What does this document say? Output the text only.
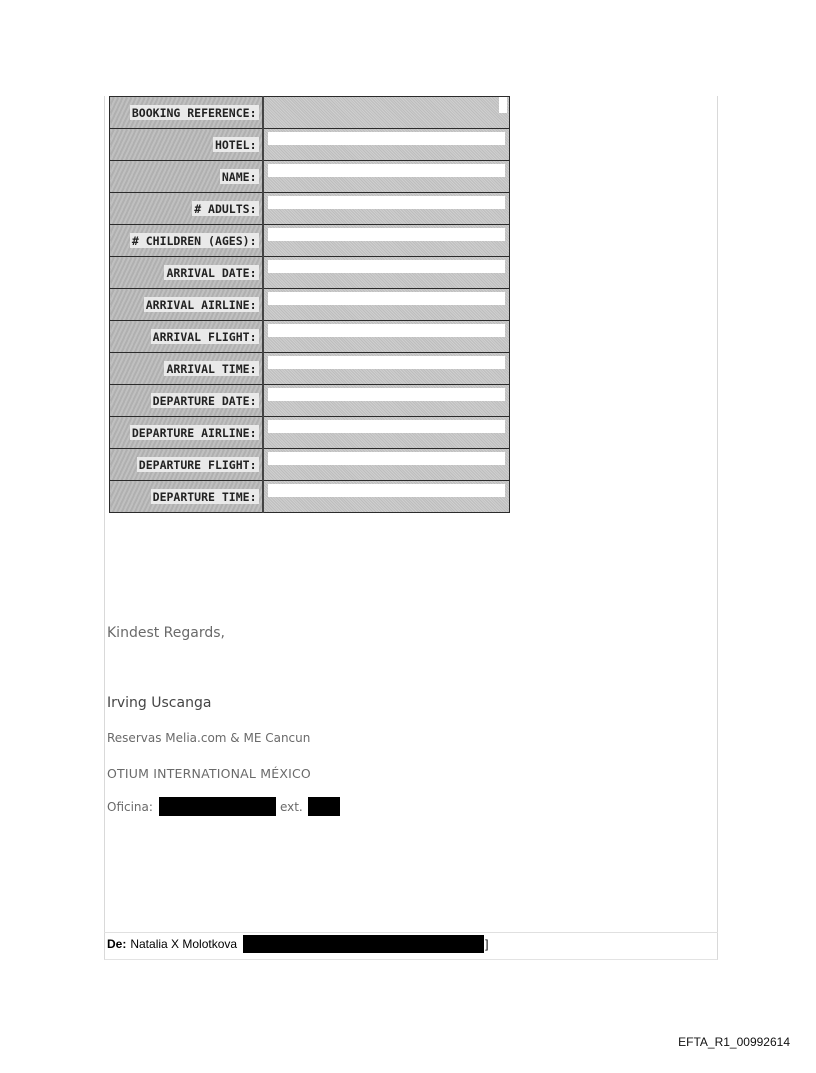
BOOKING REFERENCE:	

HOTEL:	

NAME:	

# ADULTS:	

# CHILDREN (AGES):	

ARRIVAL DATE:	

ARRIVAL AIRLINE:	

ARRIVAL FLIGHT:	

ARRIVAL TIME:	

DEPARTURE DATE:	

DEPARTURE AIRLINE:	

DEPARTURE FLIGHT:	

DEPARTURE TIME:	
Kindest Regards,
Irving Uscanga
Reservas Melia.com & ME Cancun
OTIUM INTERNATIONAL MÉXICO
Oficina:	ext.
De: Natalia X Molotkova	]
EFTA_R1_00992614
